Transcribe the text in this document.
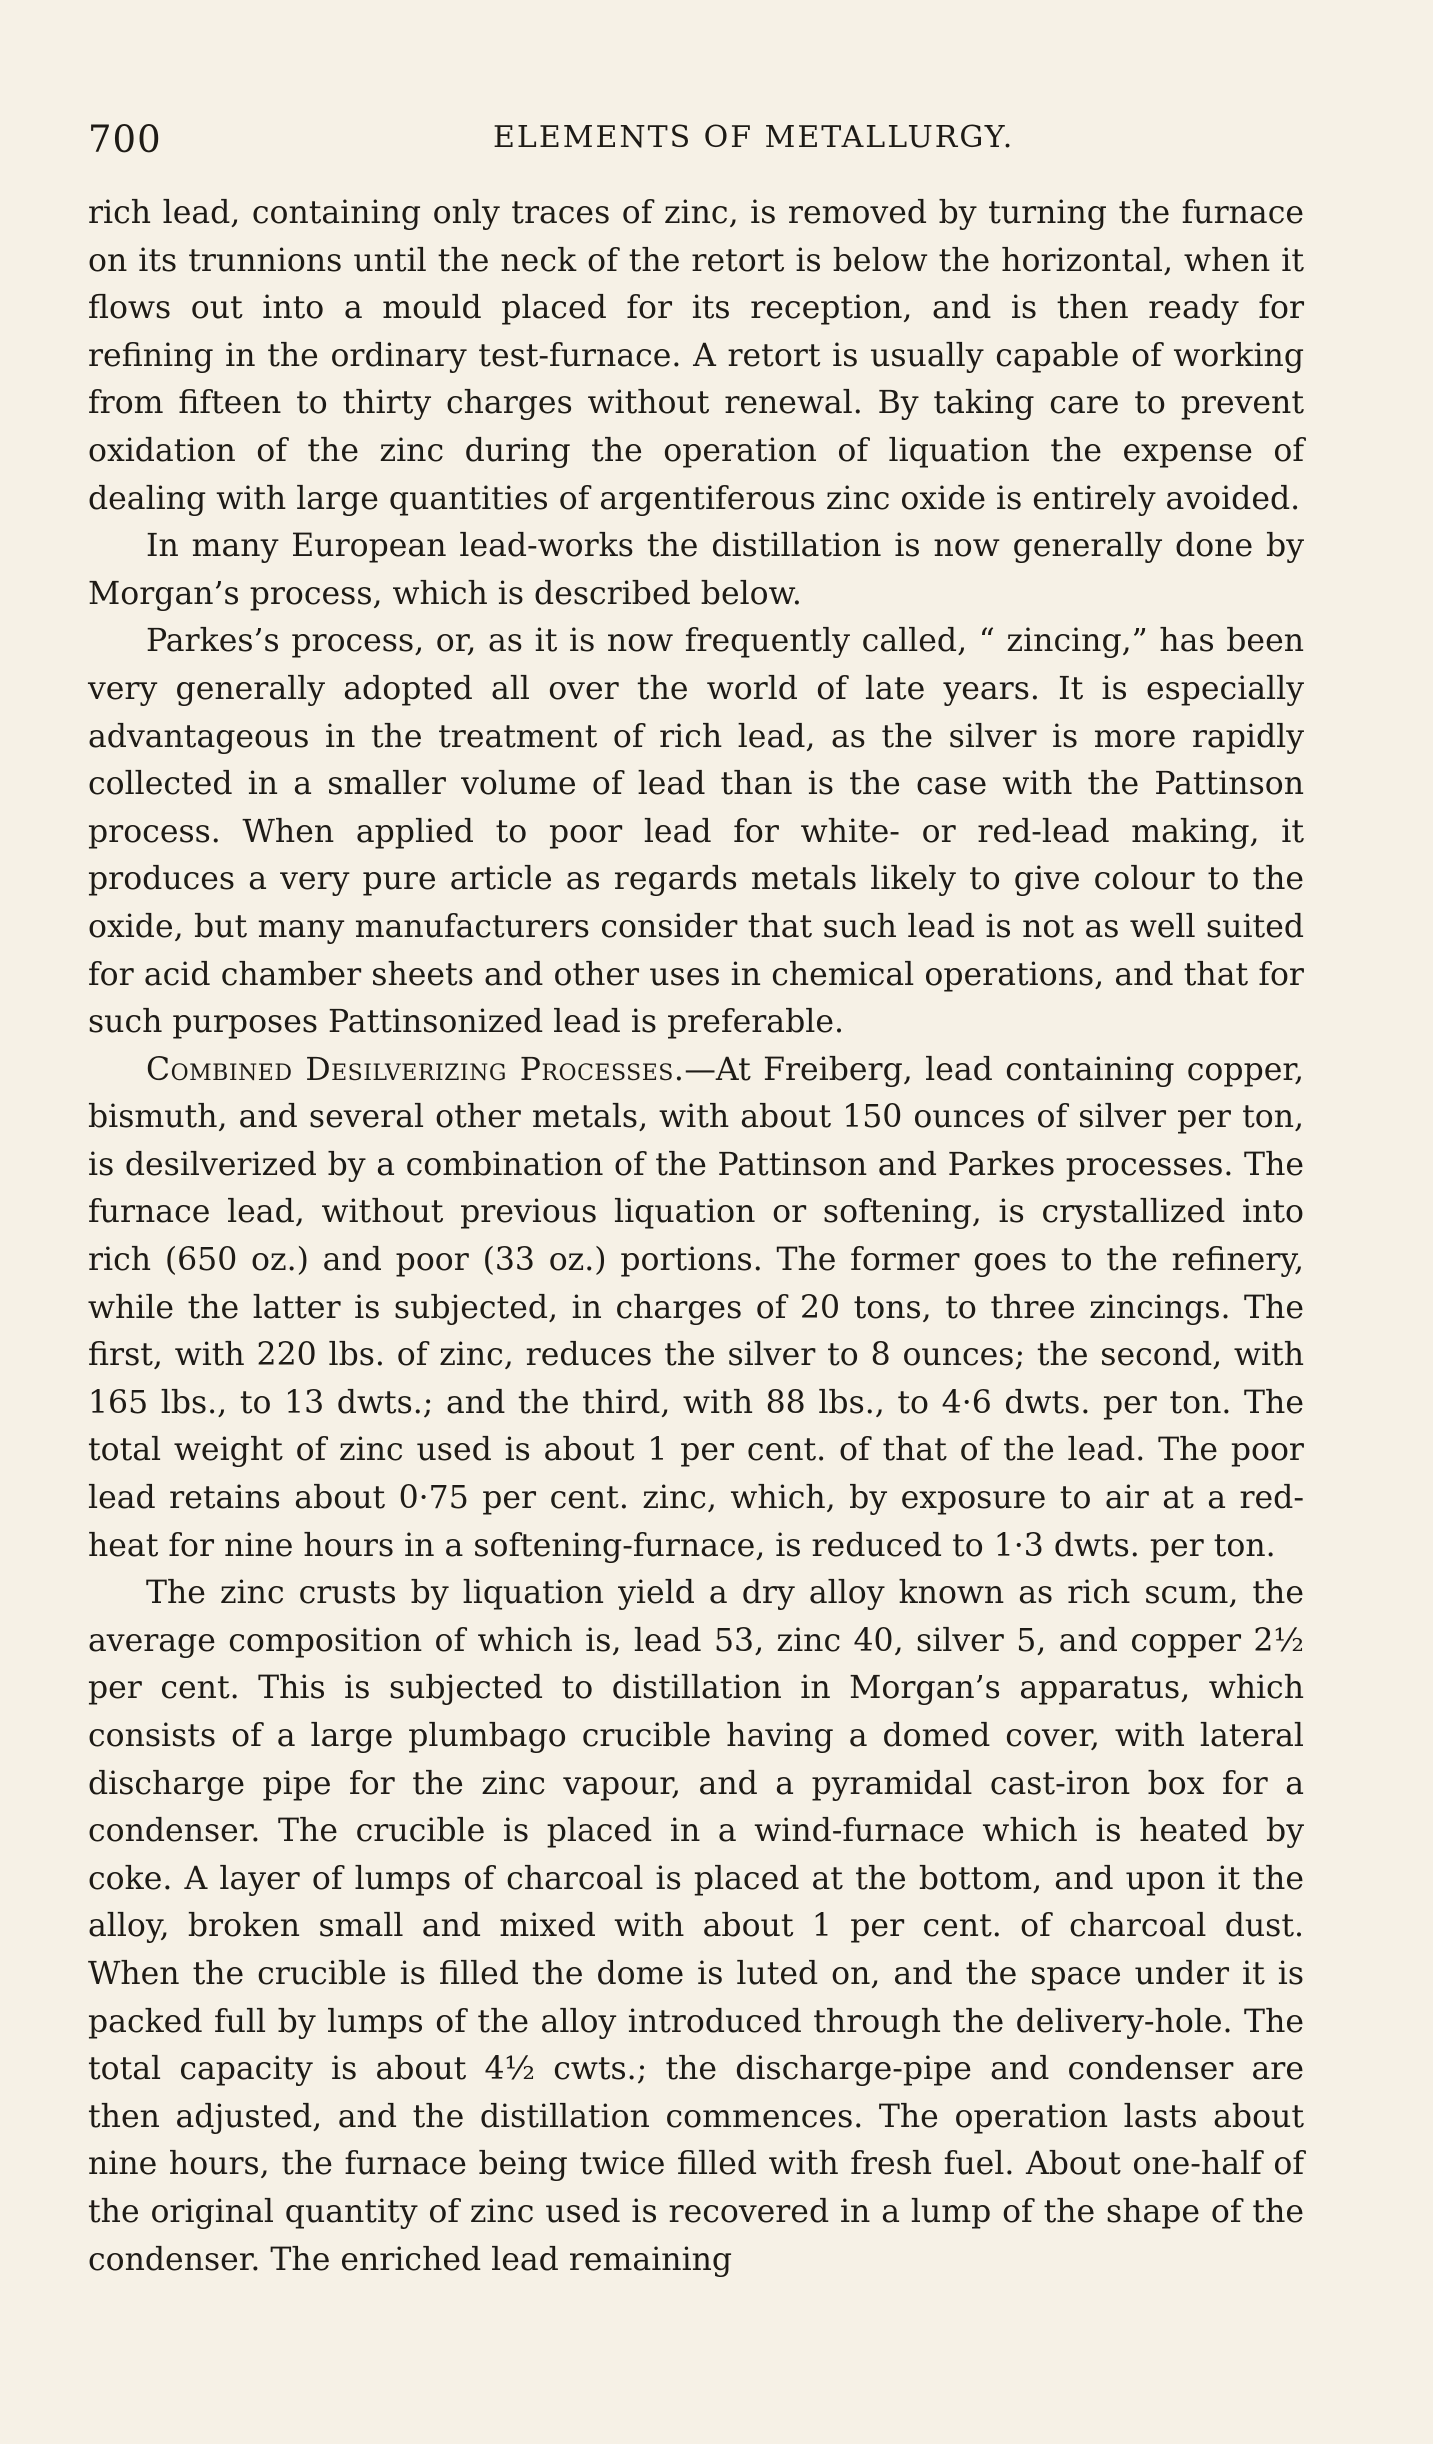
700	ELEMENTS OF METALLURGY.

rich lead, containing only traces of zinc, is removed by turning the furnace on its trunnions until the neck of the retort is below the horizontal, when it flows out into a mould placed for its reception, and is then ready for refining in the ordinary test-furnace. A retort is usually capable of working from fifteen to thirty charges without renewal. By taking care to prevent oxidation of the zinc during the operation of liquation the expense of dealing with large quantities of argentiferous zinc oxide is entirely avoided.

In many European lead-works the distillation is now generally done by Morgan’s process, which is described below.

Parkes’s process, or, as it is now frequently called, “ zincing,” has been very generally adopted all over the world of late years. It is especially advantageous in the treatment of rich lead, as the silver is more rapidly collected in a smaller volume of lead than is the case with the Pattinson process. When applied to poor lead for white- or red-lead making, it produces a very pure article as regards metals likely to give colour to the oxide, but many manufacturers consider that such lead is not as well suited for acid chamber sheets and other uses in chemical operations, and that for such purposes Pattinsonized lead is preferable.

Combined Desilverizing Processes.—At Freiberg, lead containing copper, bismuth, and several other metals, with about 150 ounces of silver per ton, is desilverized by a combination of the Pattinson and Parkes processes. The furnace lead, without previous liquation or softening, is crystallized into rich (650 oz.) and poor (33 oz.) portions. The former goes to the refinery, while the latter is subjected, in charges of 20 tons, to three zincings. The first, with 220 lbs. of zinc, reduces the silver to 8 ounces; the second, with 165 lbs., to 13 dwts.; and the third, with 88 lbs., to 4·6 dwts. per ton. The total weight of zinc used is about 1 per cent. of that of the lead. The poor lead retains about 0·75 per cent. zinc, which, by exposure to air at a red-heat for nine hours in a softening-furnace, is reduced to 1·3 dwts. per ton.

The zinc crusts by liquation yield a dry alloy known as rich scum, the average composition of which is, lead 53, zinc 40, silver 5, and copper 2½ per cent. This is subjected to distillation in Morgan’s apparatus, which consists of a large plumbago crucible having a domed cover, with lateral discharge pipe for the zinc vapour, and a pyramidal cast-iron box for a condenser. The crucible is placed in a wind-furnace which is heated by coke. A layer of lumps of charcoal is placed at the bottom, and upon it the alloy, broken small and mixed with about 1 per cent. of charcoal dust. When the crucible is filled the dome is luted on, and the space under it is packed full by lumps of the alloy introduced through the delivery-hole. The total capacity is about 4½ cwts.; the discharge-pipe and condenser are then adjusted, and the distillation commences. The operation lasts about nine hours, the furnace being twice filled with fresh fuel. About one-half of the original quantity of zinc used is recovered in a lump of the shape of the condenser. The enriched lead remaining
